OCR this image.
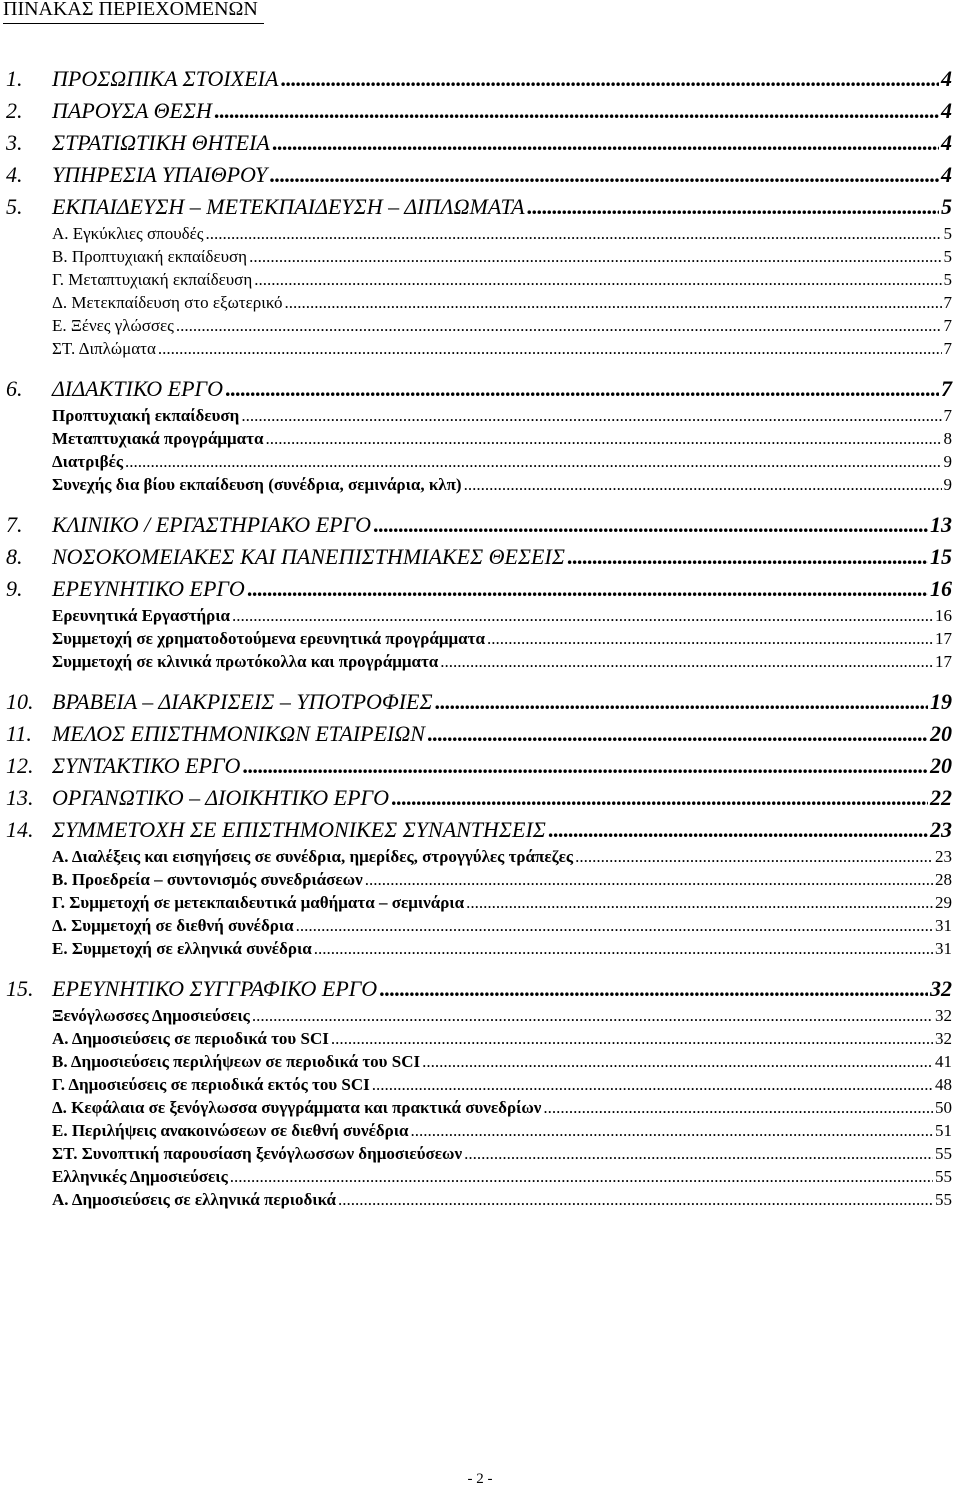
ΠΙΝΑΚΑΣ ΠΕΡΙΕΧΟΜΕΝΩΝ
1. ΠΡΟΣΩΠΙΚΑ ΣΤΟΙΧΕΙΑ .....	4
2. ΠΑΡΟΥΣΑ ΘΕΣΗ .....	4
3. ΣΤΡΑΤΙΩΤΙΚΗ ΘΗΤΕΙΑ .....	4
4. ΥΠΗΡΕΣΙΑ ΥΠΑΙΘΡΟΥ .....	4
5. ΕΚΠΑΙΔΕΥΣΗ – ΜΕΤΕΚΠΑΙΔΕΥΣΗ – ΔΙΠΛΩΜΑΤΑ .....	5
Α. Εγκύκλιες σπουδές .....	5
Β. Προπτυχιακή εκπαίδευση .....	5
Γ. Μεταπτυχιακή εκπαίδευση .....	5
Δ. Μετεκπαίδευση στο εξωτερικό .....	7
Ε. Ξένες γλώσσες .....	7
ΣΤ. Διπλώματα .....	7
6. ΔΙΔΑΚΤΙΚΟ ΕΡΓΟ .....	7
Προπτυχιακή εκπαίδευση .....	7
Μεταπτυχιακά προγράμματα .....	8
Διατριβές .....	9
Συνεχής δια βίου εκπαίδευση (συνέδρια, σεμινάρια, κλπ) .....	9
7. ΚΛΙΝΙΚΟ / ΕΡΓΑΣΤΗΡΙΑΚΟ ΕΡΓΟ .....	13
8. ΝΟΣΟΚΟΜΕΙΑΚΕΣ ΚΑΙ ΠΑΝΕΠΙΣΤΗΜΙΑΚΕΣ ΘΕΣΕΙΣ .....	15
9. ΕΡΕΥΝΗΤΙΚΟ ΕΡΓΟ .....	16
Ερευνητικά Εργαστήρια .....	16
Συμμετοχή σε χρηματοδοτούμενα ερευνητικά προγράμματα .....	17
Συμμετοχή σε κλινικά πρωτόκολλα και προγράμματα .....	17
10. ΒΡΑΒΕΙΑ – ΔΙΑΚΡΙΣΕΙΣ – ΥΠΟΤΡΟΦΙΕΣ .....	19
11. ΜΕΛΟΣ ΕΠΙΣΤΗΜΟΝΙΚΩΝ ΕΤΑΙΡΕΙΩΝ .....	20
12. ΣΥΝΤΑΚΤΙΚΟ ΕΡΓΟ .....	20
13. ΟΡΓΑΝΩΤΙΚΟ – ΔΙΟΙΚΗΤΙΚΟ ΕΡΓΟ .....	22
14. ΣΥΜΜΕΤΟΧΗ ΣΕ ΕΠΙΣΤΗΜΟΝΙΚΕΣ ΣΥΝΑΝΤΗΣΕΙΣ .....	23
Α. Διαλέξεις και εισηγήσεις σε συνέδρια, ημερίδες, στρογγύλες τράπεζες .....	23
Β. Προεδρεία – συντονισμός συνεδριάσεων .....	28
Γ. Συμμετοχή σε μετεκπαιδευτικά μαθήματα – σεμινάρια .....	29
Δ. Συμμετοχή σε διεθνή συνέδρια .....	31
Ε. Συμμετοχή σε ελληνικά συνέδρια .....	31
15. ΕΡΕΥΝΗΤΙΚΟ ΣΥΓΓΡΑΦΙΚΟ ΕΡΓΟ .....	32
Ξενόγλωσσες Δημοσιεύσεις .....	32
Α. Δημοσιεύσεις σε περιοδικά του SCI .....	32
Β. Δημοσιεύσεις περιλήψεων σε περιοδικά του SCI .....	41
Γ. Δημοσιεύσεις σε περιοδικά εκτός του SCI .....	48
Δ. Κεφάλαια σε ξενόγλωσσα συγγράμματα και πρακτικά συνεδρίων .....	50
Ε. Περιλήψεις ανακοινώσεων σε διεθνή συνέδρια .....	51
ΣΤ. Συνοπτική παρουσίαση ξενόγλωσσων δημοσιεύσεων .....	55
Ελληνικές Δημοσιεύσεις .....	55
Α. Δημοσιεύσεις σε ελληνικά περιοδικά .....	55
- 2 -
